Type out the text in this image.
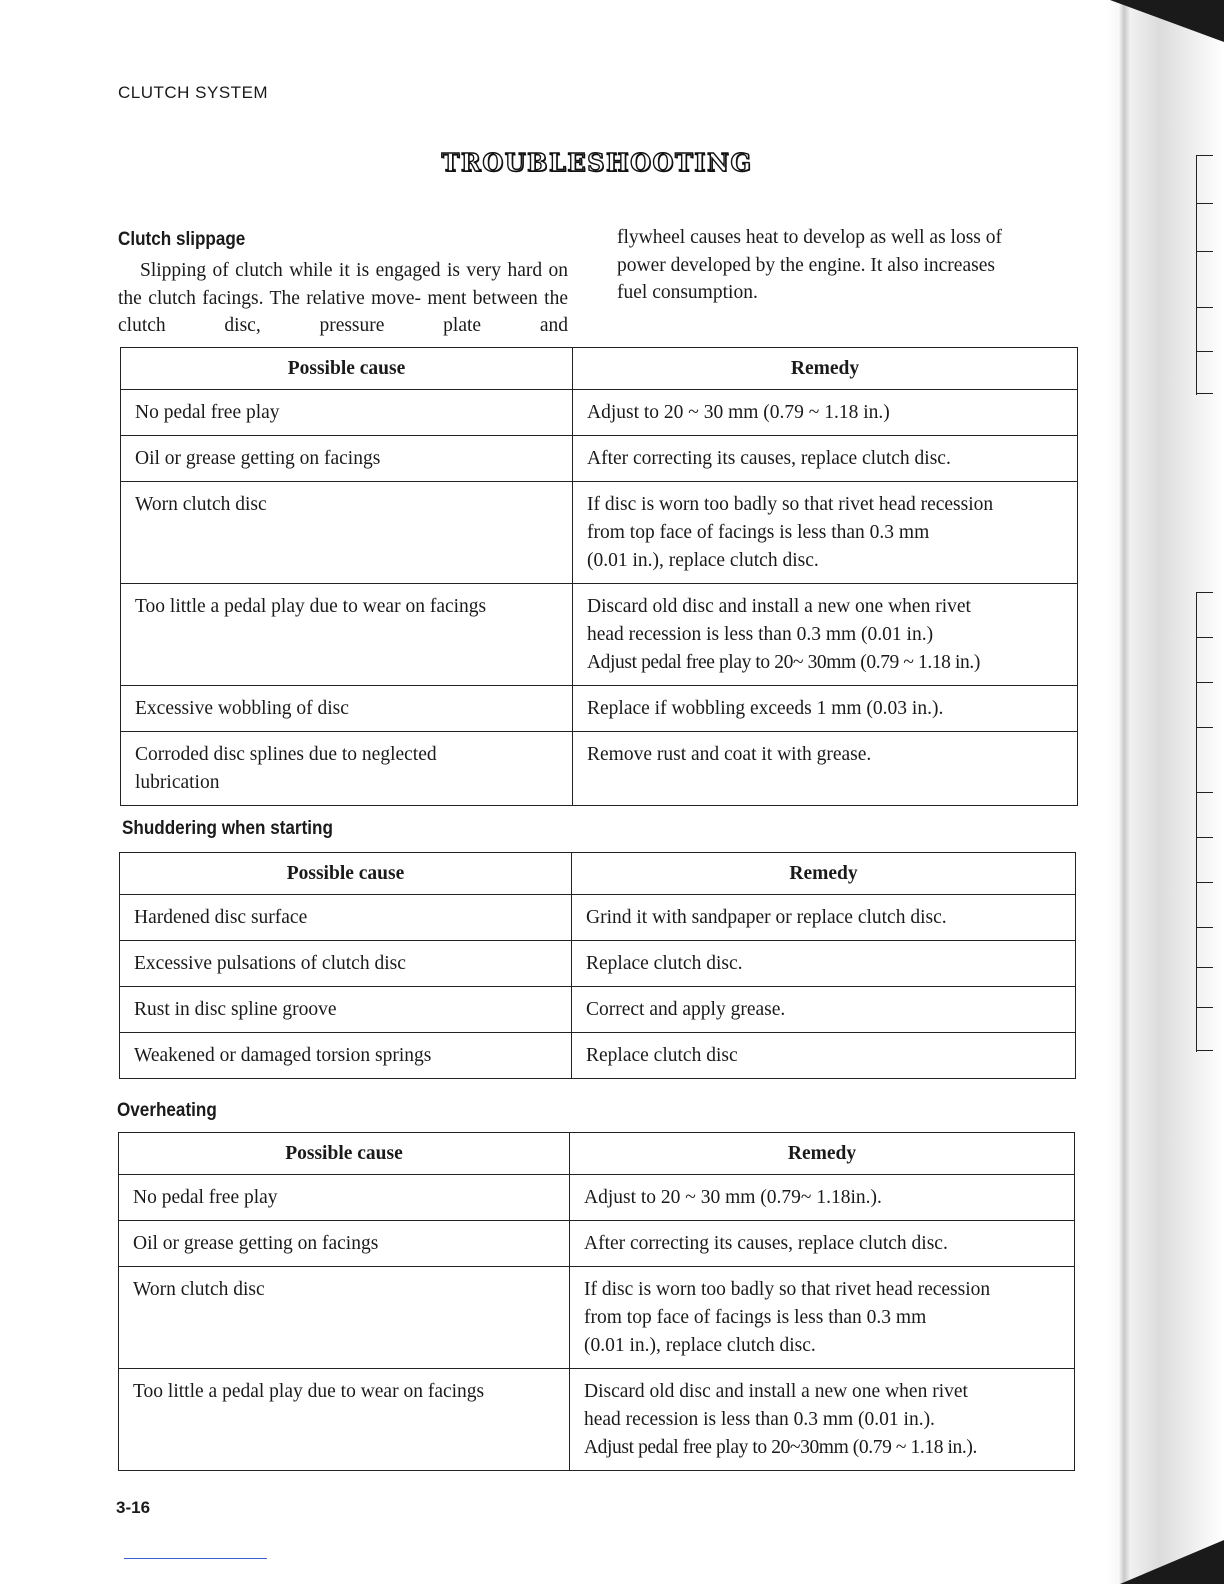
CLUTCH SYSTEM
TROUBLESHOOTING
Clutch slippage

Slipping of clutch while it is engaged is very hard on the clutch facings. The relative move- ment between the clutch disc, pressure plate and

flywheel causes heat to develop as well as loss of
power developed by the engine. It also increases
fuel consumption.

Possible cause	Remedy
No pedal free play	Adjust to 20 ~ 30 mm (0.79 ~ 1.18 in.)
Oil or grease getting on facings	After correcting its causes, replace clutch disc.
Worn clutch disc	If disc is worn too badly so that rivet head recession
from top face of facings is less than 0.3 mm
(0.01 in.), replace clutch disc.
Too little a pedal play due to wear on facings	Discard old disc and install a new one when rivet
head recession is less than 0.3 mm (0.01 in.)
Adjust pedal free play to 20~ 30mm (0.79 ~ 1.18 in.)
Excessive wobbling of disc	Replace if wobbling exceeds 1 mm (0.03 in.).
Corroded disc splines due to neglected
lubrication	Remove rust and coat it with grease.
Shuddering when starting
Possible cause	Remedy
Hardened disc surface	Grind it with sandpaper or replace clutch disc.
Excessive pulsations of clutch disc	Replace clutch disc.
Rust in disc spline groove	Correct and apply grease.
Weakened or damaged torsion springs	Replace clutch disc
Overheating
Possible cause	Remedy
No pedal free play	Adjust to 20 ~ 30 mm (0.79~ 1.18in.).
Oil or grease getting on facings	After correcting its causes, replace clutch disc.
Worn clutch disc	If disc is worn too badly so that rivet head recession
from top face of facings is less than 0.3 mm
(0.01 in.), replace clutch disc.
Too little a pedal play due to wear on facings	Discard old disc and install a new one when rivet
head recession is less than 0.3 mm (0.01 in.).
Adjust pedal free play to 20~30mm (0.79 ~ 1.18 in.).
3-16
